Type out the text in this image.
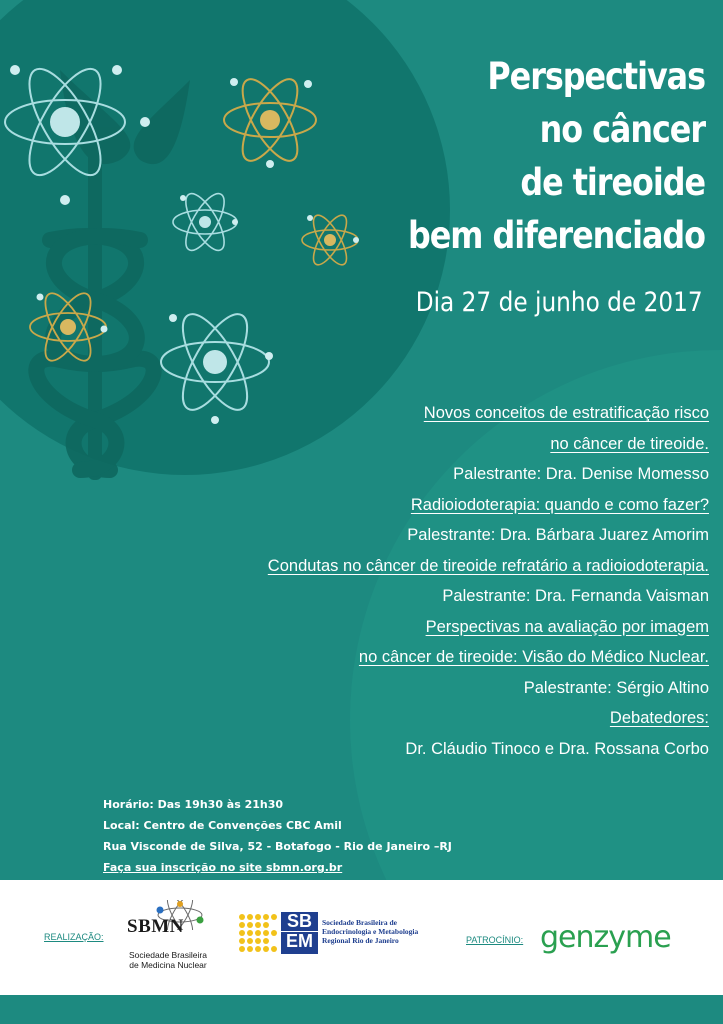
Perspectivas
no câncer
de tireoide
bem diferenciado
Dia 27 de junho de 2017
Novos conceitos de estratificação risco
no câncer de tireoide.
Palestrante: Dra. Denise Momesso
Radioiodoterapia: quando e como fazer?
Palestrante: Dra. Bárbara Juarez Amorim
Condutas no câncer de tireoide refratário a radioiodoterapia.
Palestrante: Dra. Fernanda Vaisman
Perspectivas na avaliação por imagem
no câncer de tireoide: Visão do Médico Nuclear.
Palestrante: Sérgio Altino
Debatedores:
Dr. Cláudio Tinoco e Dra. Rossana Corbo
Horário: Das 19h30 às 21h30
Local: Centro de Convenções CBC Amil
Rua Visconde de Silva, 52 - Botafogo - Rio de Janeiro –RJ
Faça sua inscrição no site sbmn.org.br
REALIZAÇÃO: SBMN
Sociedade Brasileira
de Medicina Nuclear
SB
EM
Sociedade Brasileira de
Endocrinologia e Metabologia
Regional Rio de Janeiro	PATROCÍNIO: genzyme
